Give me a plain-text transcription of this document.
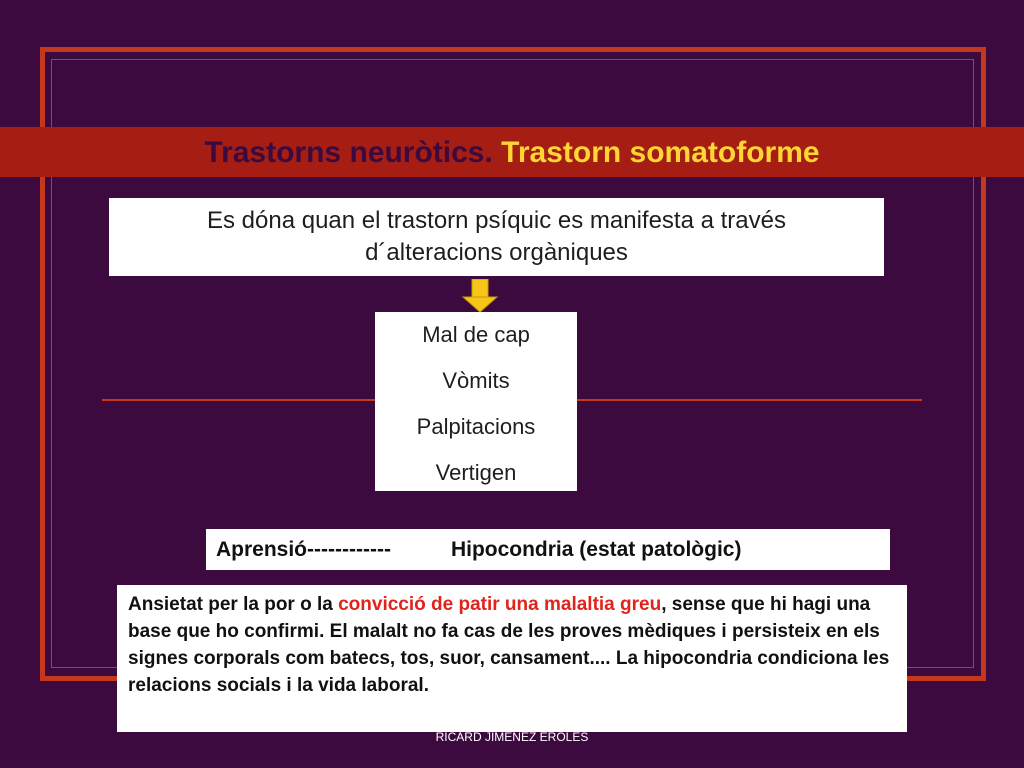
Trastorns neuròtics. Trastorn somatoforme
Es dóna quan el trastorn psíquic es manifesta a través
d´alteracions orgàniques
Mal de cap
Vòmits
Palpitacions
Vertigen
Aprensió------------	Hipocondria (estat patològic)
Ansietat per la por o la convicció de patir una malaltia greu, sense que hi hagi una base que ho confirmi. El malalt no fa cas de les proves mèdiques i persisteix en els signes corporals com batecs, tos, suor, cansament.... La hipocondria condiciona les relacions socials i la vida laboral.
RICARD JIMÉNEZ ERÓLES
